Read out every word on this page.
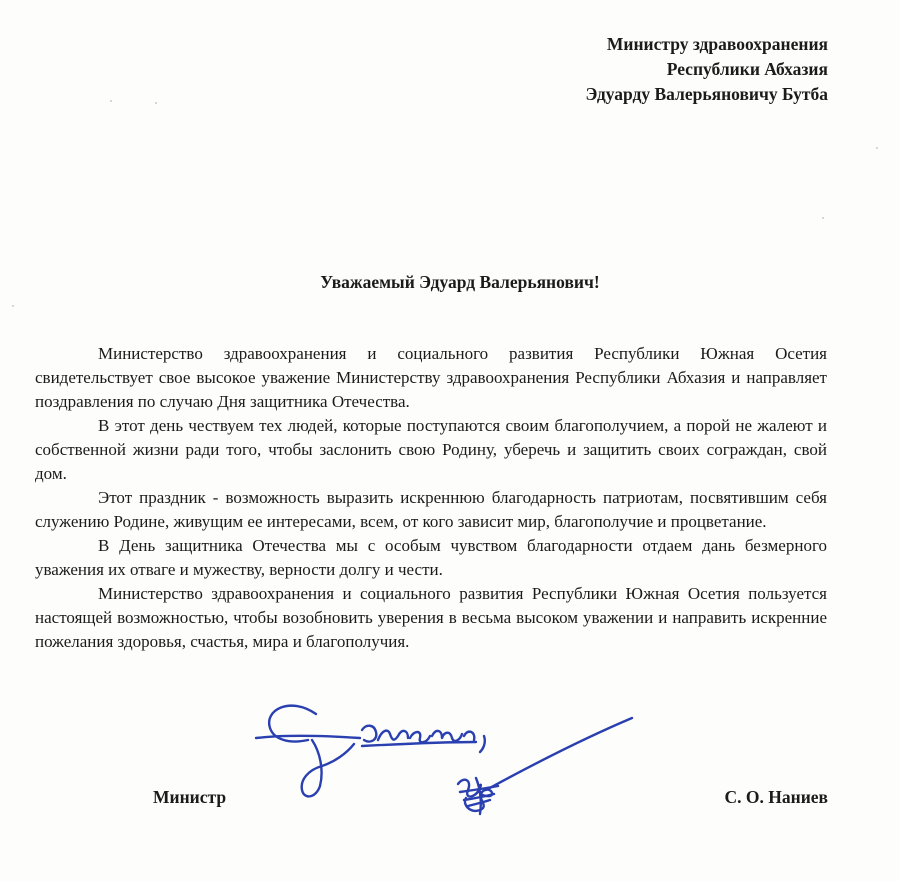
Министру здравоохранения
Республики Абхазия
Эдуарду Валерьяновичу Бутба
Уважаемый Эдуард Валерьянович!

Министерство здравоохранения и социального развития Республики Южная Осетия свидетельствует свое высокое уважение Министерству здравоохранения Республики Абхазия и направляет поздравления по случаю Дня защитника Отечества.

В этот день чествуем тех людей, которые поступаются своим благополучием, а порой не жалеют и собственной жизни ради того, чтобы заслонить свою Родину, уберечь и защитить своих сограждан, свой дом.

Этот праздник - возможность выразить искреннюю благодарность патриотам, посвятившим себя служению Родине, живущим ее интересами, всем, от кого зависит мир, благополучие и процветание.

В День защитника Отечества мы с особым чувством благодарности отдаем дань безмерного уважения их отваге и мужеству, верности долгу и чести.

Министерство здравоохранения и социального развития Республики Южная Осетия пользуется настоящей возможностью, чтобы возобновить уверения в весьма высоком уважении и направить искренние пожелания здоровья, счастья, мира и благополучия.

Министр	С. О. Наниев
